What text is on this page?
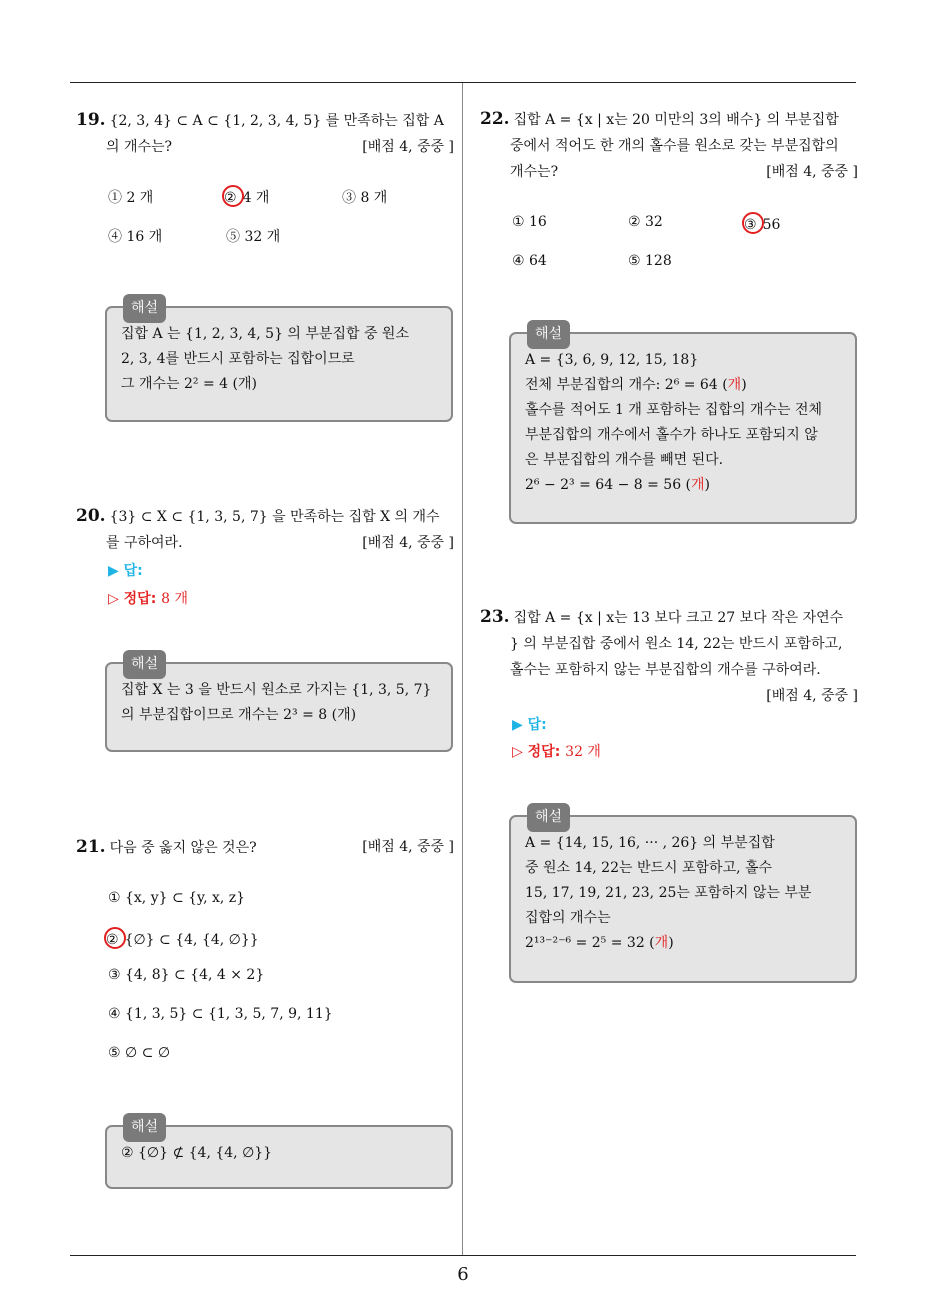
19. {2, 3, 4} ⊂ A ⊂ {1, 2, 3, 4, 5} 를 만족하는 집합 A
의 개수는?	[배점 4, 중중 ]
① 2 개	② 4 개	③ 8 개
④ 16 개	⑤ 32 개
해설
집합 A 는 {1, 2, 3, 4, 5} 의 부분집합 중 원소
2, 3, 4를 반드시 포함하는 집합이므로
그 개수는 2² = 4 (개)
20. {3} ⊂ X ⊂ {1, 3, 5, 7} 을 만족하는 집합 X 의 개수
를 구하여라.	[배점 4, 중중 ]
▶ 답:
▷ 정답: 8 개
해설
집합 X 는 3 을 반드시 원소로 가지는 {1, 3, 5, 7}
의 부분집합이므로 개수는 2³ = 8 (개)
21. 다음 중 옳지 않은 것은?	[배점 4, 중중 ]
① {x, y} ⊂ {y, x, z}
② {∅} ⊂ {4, {4, ∅}}
③ {4, 8} ⊂ {4, 4 × 2}
④ {1, 3, 5} ⊂ {1, 3, 5, 7, 9, 11}
⑤ ∅ ⊂ ∅
해설
② {∅} ⊄ {4, {4, ∅}}
22. 집합 A = {x | x는 20 미만의 3의 배수} 의 부분집합
중에서 적어도 한 개의 홀수를 원소로 갖는 부분집합의
개수는?	[배점 4, 중중 ]
① 16	② 32	③ 56
④ 64	⑤ 128
해설
A = {3, 6, 9, 12, 15, 18}
전체 부분집합의 개수: 2⁶ = 64 (개)
홀수를 적어도 1 개 포함하는 집합의 개수는 전체
부분집합의 개수에서 홀수가 하나도 포함되지 않
은 부분집합의 개수를 빼면 된다.
2⁶ − 2³ = 64 − 8 = 56 (개)
23. 집합 A = {x | x는 13 보다 크고 27 보다 작은 자연수
} 의 부분집합 중에서 원소 14, 22는 반드시 포함하고,
홀수는 포함하지 않는 부분집합의 개수를 구하여라.
[배점 4, 중중 ]
▶ 답:
▷ 정답: 32 개
해설
A = {14, 15, 16, ··· , 26} 의 부분집합
중 원소 14, 22는 반드시 포함하고, 홀수
15, 17, 19, 21, 23, 25는 포함하지 않는 부분
집합의 개수는
2¹³⁻²⁻⁶ = 2⁵ = 32 (개)
6
